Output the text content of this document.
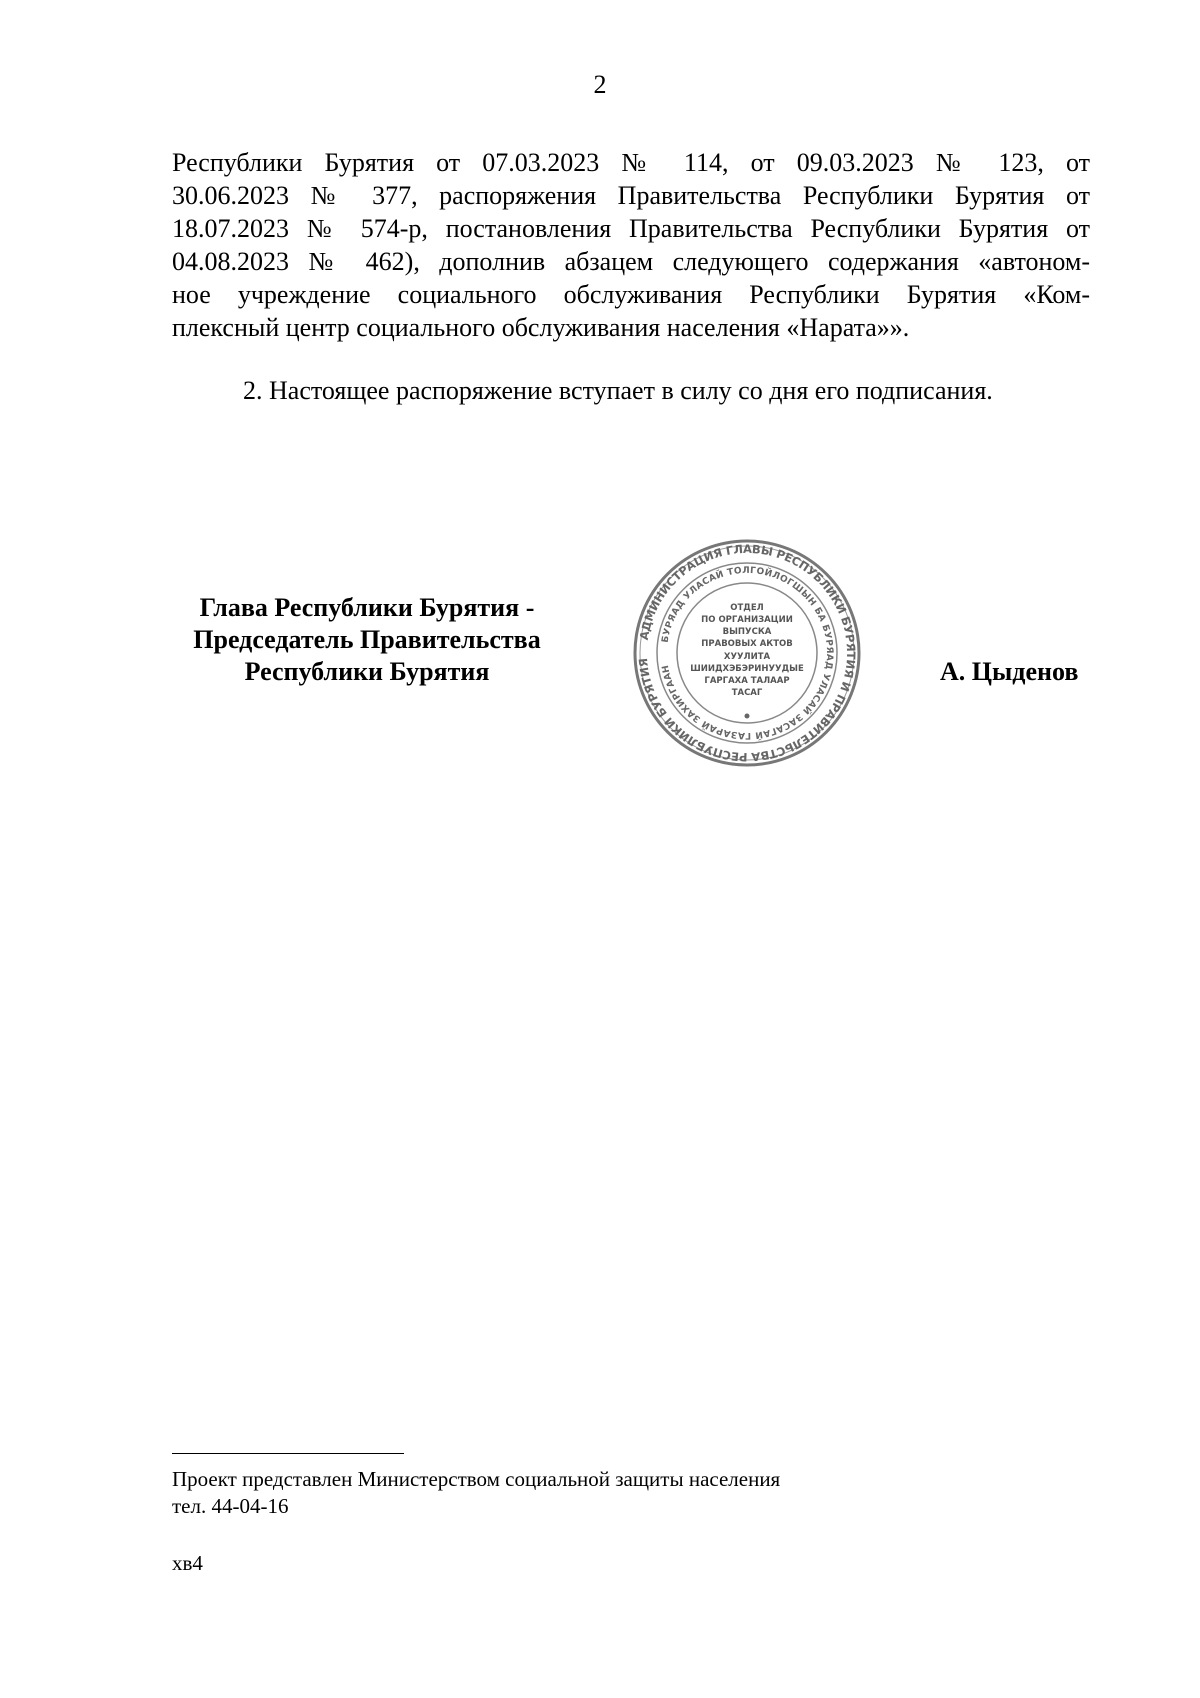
2
Республики Бурятия от 07.03.2023 № 114, от 09.03.2023 № 123, от
30.06.2023 № 377, распоряжения Правительства Республики Бурятия от
18.07.2023 № 574-р, постановления Правительства Республики Бурятия от
04.08.2023 № 462), дополнив абзацем следующего содержания «автоном-
ное учреждение социального обслуживания Республики Бурятия «Ком-
плексный центр социального обслуживания населения «Нарата»».
2. Настоящее распоряжение вступает в силу со дня его подписания.
Глава Республики Бурятия -
Председатель Правительства
Республики Бурятия
АДМИНИСТРАЦИЯ ГЛАВЫ РЕСПУБЛИКИ БУРЯТИЯ И ПРАВИТЕЛЬСТВА РЕСПУБЛИКИ БУРЯТИЯ
БУРЯАД УЛАСАЙ ТОЛГОЙЛОГШЫН БА БУРЯАД УЛАСАЙ ЗАСАГАЙ ГАЗАРАЙ ЗАХИРГААН
ОТДЕЛ
ПО ОРГАНИЗАЦИИ
ВЫПУСКА
ПРАВОВЫХ АКТОВ
ХУУЛИТА
ШИИДХЭБЭРИНУУДЫЕ
ГАРГАХА ТАЛААР
ТАСАГ
А. Цыденов
Проект представлен Министерством социальной защиты населения
тел. 44-04-16
хв4
